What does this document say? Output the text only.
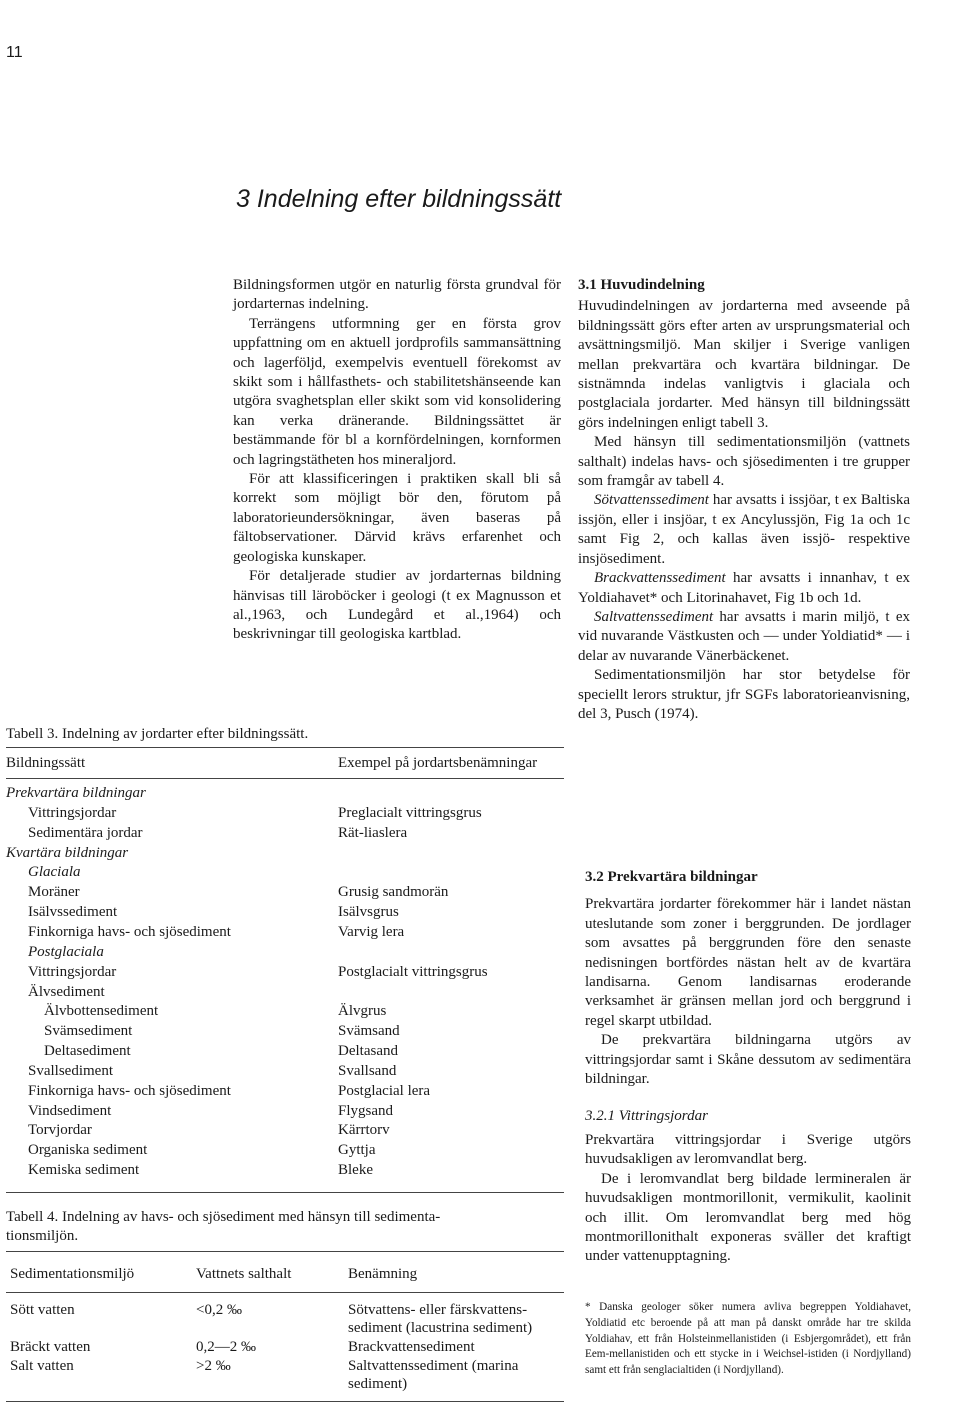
11
3 Indelning efter bildningssätt

Bildningsformen utgör en naturlig första grundval för jordarternas indelning.

Terrängens utformning ger en första grov uppfattning om en aktuell jordprofils sammansättning och lagerföljd, exempelvis eventuell förekomst av skikt som i hållfasthets- och stabilitetshänseende kan utgöra svaghetsplan eller skikt som vid konsolidering kan verka dränerande. Bildningssättet är bestämmande för bl a kornfördelningen, kornformen och lagringstätheten hos mineraljord.

För att klassificeringen i praktiken skall bli så korrekt som möjligt bör den, förutom på laboratorieundersökningar, även baseras på fältobservationer. Därvid krävs erfarenhet och geologiska kunskaper.

För detaljerade studier av jordarternas bildning hänvisas till läroböcker i geologi (t ex Magnusson et al.,1963, och Lundegård et al.,1964) och beskrivningar till geologiska kartblad.

3.1 Huvudindelning

Huvudindelningen av jordarterna med avseende på bildningssätt görs efter arten av ursprungsmaterial och avsättningsmiljö. Man skiljer i Sverige vanligen mellan prekvartära och kvartära bildningar. De sistnämnda indelas vanligtvis i glaciala och postglaciala jordarter. Med hänsyn till bildningssätt görs indelningen enligt tabell 3.

Med hänsyn till sedimentationsmiljön (vattnets salthalt) indelas havs- och sjösedimenten i tre grupper som framgår av tabell 4.

Sötvattenssediment har avsatts i issjöar, t ex Baltiska issjön, eller i insjöar, t ex Ancylussjön, Fig 1a och 1c samt Fig 2, och kallas även issjö- respektive insjösediment.

Brackvattenssediment har avsatts i innanhav, t ex Yoldiahavet* och Litorinahavet, Fig 1b och 1d.

Saltvattenssediment har avsatts i marin miljö, t ex vid nuvarande Västkusten och — under Yoldiatid* — i delar av nuvarande Vänerbäckenet.

Sedimentationsmiljön har stor betydelse för speciellt lerors struktur, jfr SGFs laboratorieanvisning, del 3, Pusch (1974).

3.2 Prekvartära bildningar

Prekvartära jordarter förekommer här i landet nästan uteslutande som zoner i berggrunden. De jordlager som avsattes på berggrunden före den senaste nedisningen bortfördes nästan helt av de kvartära landisarna. Genom landisarnas eroderande verksamhet är gränsen mellan jord och berggrund i regel skarpt utbildad.

De prekvartära bildningarna utgörs av vittringsjordar samt i Skåne dessutom av sedimentära bildningar.

3.2.1 Vittringsjordar

Prekvartära vittringsjordar i Sverige utgörs huvudsakligen av leromvandlat berg.

De i leromvandlat berg bildade lermineralen är huvudsakligen montmorillonit, vermikulit, kaolinit och illit. Om leromvandlat berg med hög montmorillonithalt exponeras sväller det kraftigt under vattenupptagning.

* Danska geologer söker numera avliva begreppen Yoldiahavet, Yoldiatid etc beroende på att man på danskt område har tre skilda Yoldiahav, ett från Holsteinmellanistiden (i Esbjergområdet), ett från Eem-mellanistiden och ett stycke in i Weichsel-istiden (i Nordjylland) samt ett från senglacialtiden (i Nordjylland).
Tabell 3. Indelning av jordarter efter bildningssätt.
Bildningssätt	Exempel på jordartsbenämningar
Prekvartära bildningar
Vittringsjordar	Preglacialt vittringsgrus
Sedimentära jordar	Rät-liaslera
Kvartära bildningar
Glaciala
Moräner	Grusig sandmorän
Isälvssediment	Isälvsgrus
Finkorniga havs- och sjösediment	Varvig lera
Postglaciala
Vittringsjordar	Postglacialt vittringsgrus
Älvsediment
Älvbottensediment	Älvgrus
Svämsediment	Svämsand
Deltasediment	Deltasand
Svallsediment	Svallsand
Finkorniga havs- och sjösediment	Postglacial lera
Vindsediment	Flygsand
Torvjordar	Kärrtorv
Organiska sediment	Gyttja
Kemiska sediment	Bleke
Tabell 4. Indelning av havs- och sjösediment med hänsyn till sedimenta-
tionsmiljön.
Sedimentationsmiljö	Vattnets salthalt	Benämning
Sött vatten	<0,2 ‰	Sötvattens- eller färskvattens-
sediment (lacustrina sediment)
Bräckt vatten	0,2—2 ‰	Brackvattensediment
Salt vatten	>2 ‰	Saltvattenssediment (marina
sediment)
